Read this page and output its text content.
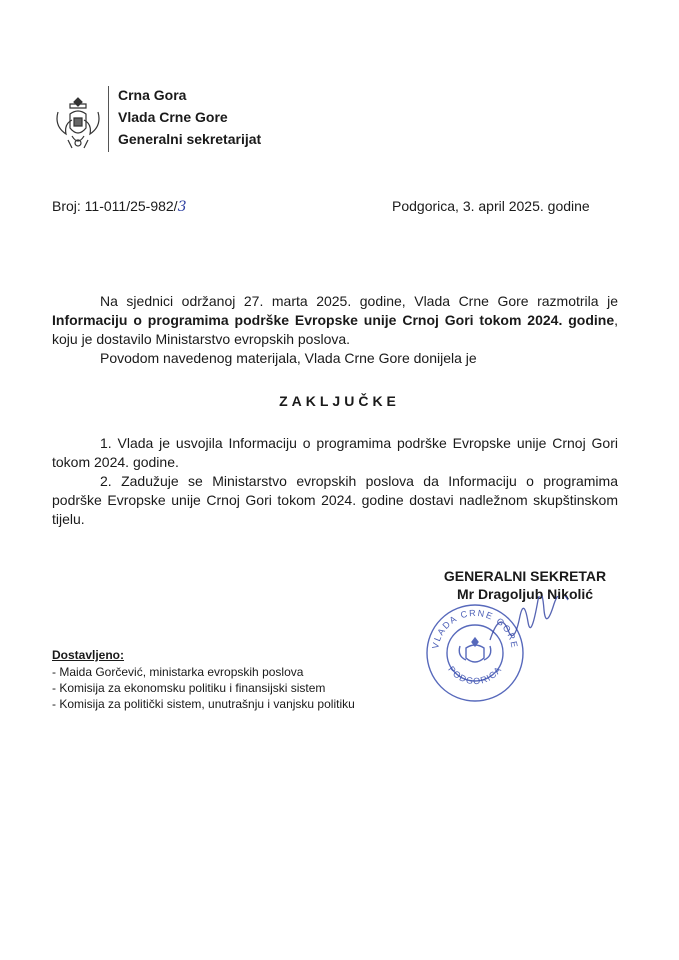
Crna Gora
Vlada Crne Gore
Generalni sekretarijat
Broj: 11-011/25-982/3	Podgorica, 3. april 2025. godine

Na sjednici održanoj 27. marta 2025. godine, Vlada Crne Gore razmotrila je Informaciju o programima podrške Evropske unije Crnoj Gori tokom 2024. godine, koju je dostavilo Ministarstvo evropskih poslova.

Povodom navedenog materijala, Vlada Crne Gore donijela je

ZAKLJUČKE

1. Vlada je usvojila Informaciju o programima podrške Evropske unije Crnoj Gori tokom 2024. godine.

2. Zadužuje se Ministarstvo evropskih poslova da Informaciju o programima podrške Evropske unije Crnoj Gori tokom 2024. godine dostavi nadležnom skupštinskom tijelu.

GENERALNI SEKRETAR
Mr Dragoljub Nikolić
VLADA CRNE GORE
PODGORICA
Dostavljeno:
- Maida Gorčević, ministarka evropskih poslova
- Komisija za ekonomsku politiku i finansijski sistem
- Komisija za politički sistem, unutrašnju i vanjsku politiku
